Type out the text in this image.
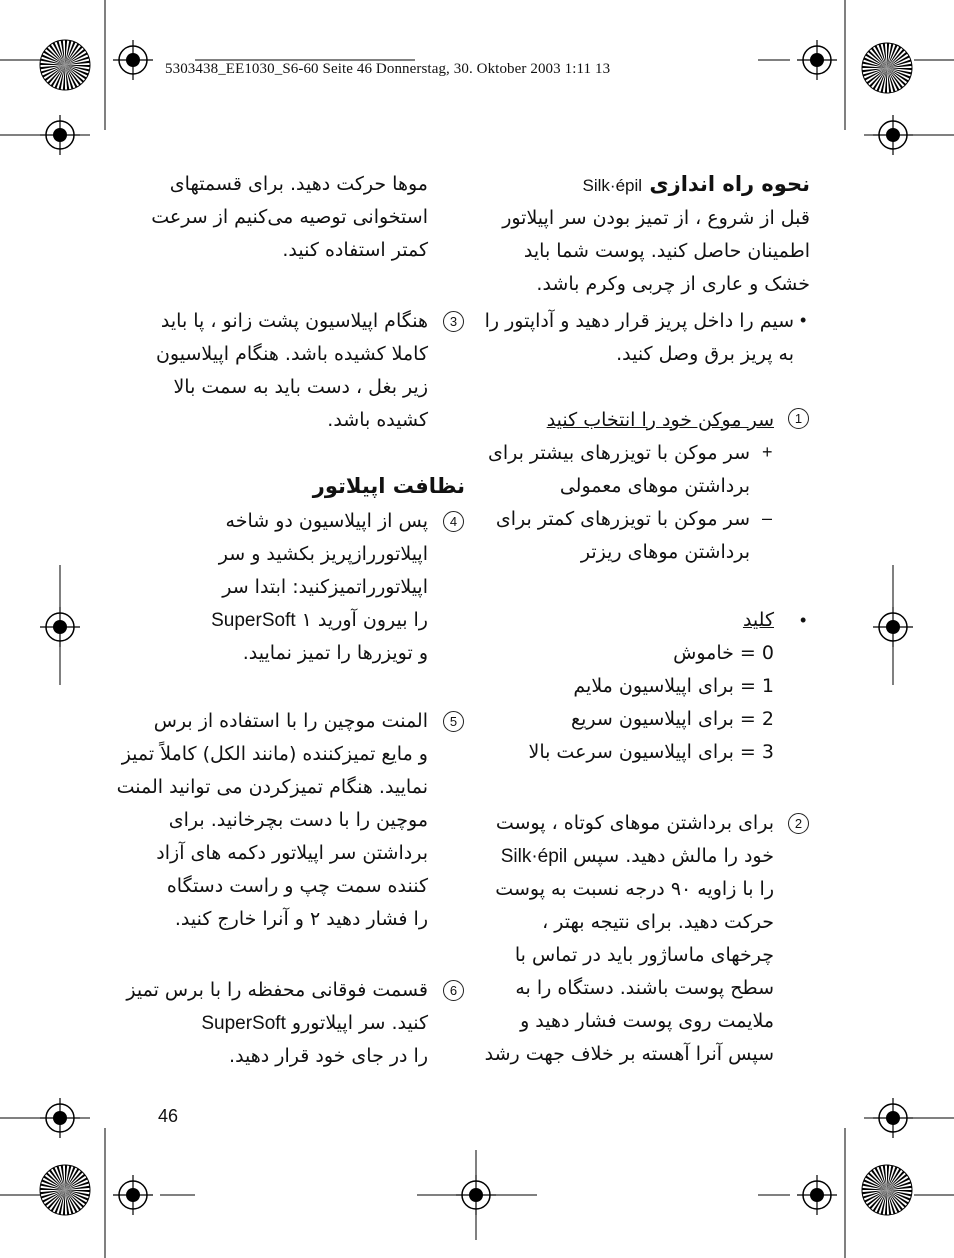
5303438_EE1030_S6-60 Seite 46 Donnerstag, 30. Oktober 2003 1:11 13
46
نحوه راه اندازی Silk·épil
قبل از شروع ، از تمیز بودن سر اپیلاتور
اطمینان حاصل کنید. پوست شما باید
خشک و عاری از چربی وکرم باشد.
•
سیم را داخل پریز قرار دهید و آداپتور را
به پریز برق وصل کنید.
1
سر موکن خود را انتخاب کنید
+
سر موکن با تویزرهای بیشتر برای
برداشتن موهای معمولی
–
سر موکن با تویزرهای کمتر برای
برداشتن موهای ریزتر
•
کلید
0 = خاموش
1 = برای اپیلاسیون ملایم
2 = برای اپیلاسیون سریع
3 = برای اپیلاسیون سرعت بالا
2
برای برداشتن موهای کوتاه ، پوست
خود را مالش دهید. سپس Silk·épil
را با زاویه ۹۰ درجه نسبت به پوست
حرکت دهید. برای نتیجه بهتر ،
چرخهای ماساژور باید در تماس با
سطح پوست باشند. دستگاه را به
ملایمت روی پوست فشار دهید و
سپس آنرا آهسته بر خلاف جهت رشد
موها حرکت دهید. برای قسمتهای
استخوانی توصیه می‌کنیم از سرعت
کمتر استفاده کنید.
3
هنگام اپیلاسیون پشت زانو ، پا باید
کاملا کشیده باشد. هنگام اپیلاسیون
زیر بغل ، دست باید به سمت بالا
کشیده باشد.
نظافت اپیلاتور
4
پس از اپیلاسیون دو شاخه
اپیلاتوررازپریز بکشید و سر
اپیلاتورراتمیزکنید: ابتدا سر
را بیرون آورید ۱ SuperSoft
و تویزرها را تمیز نمایید.
5
المنت موچین را با استفاده از برس
و مایع تمیزکننده (مانند الکل) کاملاً تمیز
نمایید. هنگام تمیزکردن می توانید المنت
موچین را با دست بچرخانید. برای
برداشتن سر اپیلاتور دکمه های آزاد
کننده سمت چپ و راست دستگاه
را فشار دهید ۲ و آنرا خارج کنید.
6
قسمت فوقانی محفظه را با برس تمیز
کنید. سر اپیلاتورو SuperSoft
را در جای خود قرار دهید.
